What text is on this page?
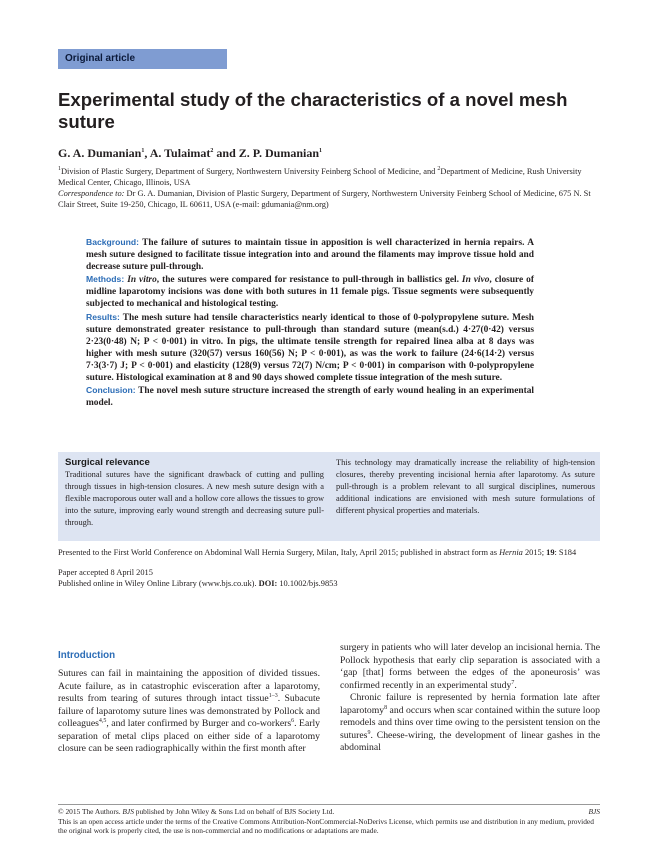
Original article
Experimental study of the characteristics of a novel mesh suture
G. A. Dumanian$^1$, A. Tulaimat$^2$ and Z. P. Dumanian$^1$
$^1$Division of Plastic Surgery, Department of Surgery, Northwestern University Feinberg School of Medicine, and $^2$Department of Medicine, Rush University Medical Center, Chicago, Illinois, USA
Correspondence to: Dr G. A. Dumanian, Division of Plastic Surgery, Department of Surgery, Northwestern University Feinberg School of Medicine, 675 N. St Clair Street, Suite 19-250, Chicago, IL 60611, USA (e-mail: gdumania@nm.org)

Background: The failure of sutures to maintain tissue in apposition is well characterized in hernia repairs. A mesh suture designed to facilitate tissue integration into and around the filaments may improve tissue hold and decrease suture pull-through.

Methods: In vitro, the sutures were compared for resistance to pull-through in ballistics gel. In vivo, closure of midline laparotomy incisions was done with both sutures in 11 female pigs. Tissue segments were subsequently subjected to mechanical and histological testing.

Results: The mesh suture had tensile characteristics nearly identical to those of 0-polypropylene suture. Mesh suture demonstrated greater resistance to pull-through than standard suture (mean(s.d.) 4·27(0·42) versus 2·23(0·48) N; P < 0·001) in vitro. In pigs, the ultimate tensile strength for repaired linea alba at 8 days was higher with mesh suture (320(57) versus 160(56) N; P < 0·001), as was the work to failure (24·6(14·2) versus 7·3(3·7) J; P < 0·001) and elasticity (128(9) versus 72(7) N/cm; P < 0·001) in comparison with 0-polypropylene suture. Histological examination at 8 and 90 days showed complete tissue integration of the mesh suture.

Conclusion: The novel mesh suture structure increased the strength of early wound healing in an experimental model.

Surgical relevance

Traditional sutures have the significant drawback of cutting and pulling through tissues in high-tension closures. A new mesh suture design with a flexible macroporous outer wall and a hollow core allows the tissues to grow into the suture, improving early wound strength and decreasing suture pull-through.

This technology may dramatically increase the reliability of high-tension closures, thereby preventing incisional hernia after laparotomy. As suture pull-through is a problem relevant to all surgical disciplines, numerous additional indications are envisioned with mesh suture formulations of different physical properties and materials.

Presented to the First World Conference on Abdominal Wall Hernia Surgery, Milan, Italy, April 2015; published in abstract form as Hernia 2015; 19: S184

Paper accepted 8 April 2015

Published online in Wiley Online Library (www.bjs.co.uk). DOI: 10.1002/bjs.9853

Introduction

Sutures can fail in maintaining the apposition of divided tissues. Acute failure, as in catastrophic evisceration after a laparotomy, results from tearing of sutures through intact tissue$^{1-3}$. Subacute failure of laparotomy suture lines was demonstrated by Pollock and colleagues$^{4,5}$, and later confirmed by Burger and co-workers$^6$. Early separation of metal clips placed on either side of a laparotomy closure can be seen radiographically within the first month after

surgery in patients who will later develop an incisional hernia. The Pollock hypothesis that early clip separation is associated with a ‘gap [that] forms between the edges of the aponeurosis’ was confirmed recently in an experimental study$^7$.

Chronic failure is represented by hernia formation late after laparotomy$^8$ and occurs when scar contained within the suture loop remodels and thins over time owing to the persistent tension on the sutures$^9$. Cheese-wiring, the development of linear gashes in the abdominal

© 2015 The Authors. BJS published by John Wiley & Sons Ltd on behalf of BJS Society Ltd.	BJS
This is an open access article under the terms of the Creative Commons Attribution-NonCommercial-NoDerivs License, which permits use and distribution in any medium, provided the original work is properly cited, the use is non-commercial and no modifications or adaptations are made.
